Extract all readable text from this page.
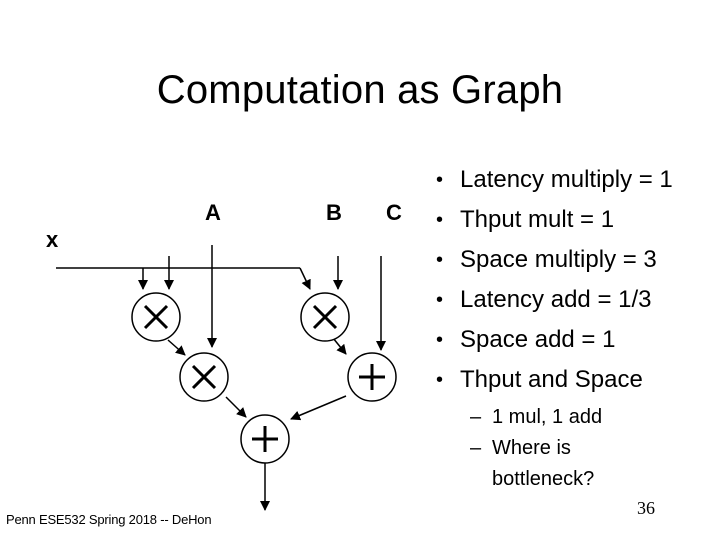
Computation as Graph
• Latency multiply = 1
• Thput mult = 1
• Space multiply = 3
• Latency add = 1/3
• Space add = 1
• Thput and Space
– 1 mul, 1 add
– Where is
bottleneck?
x
A	B C
Penn ESE532 Spring 2018 -- DeHon
36
